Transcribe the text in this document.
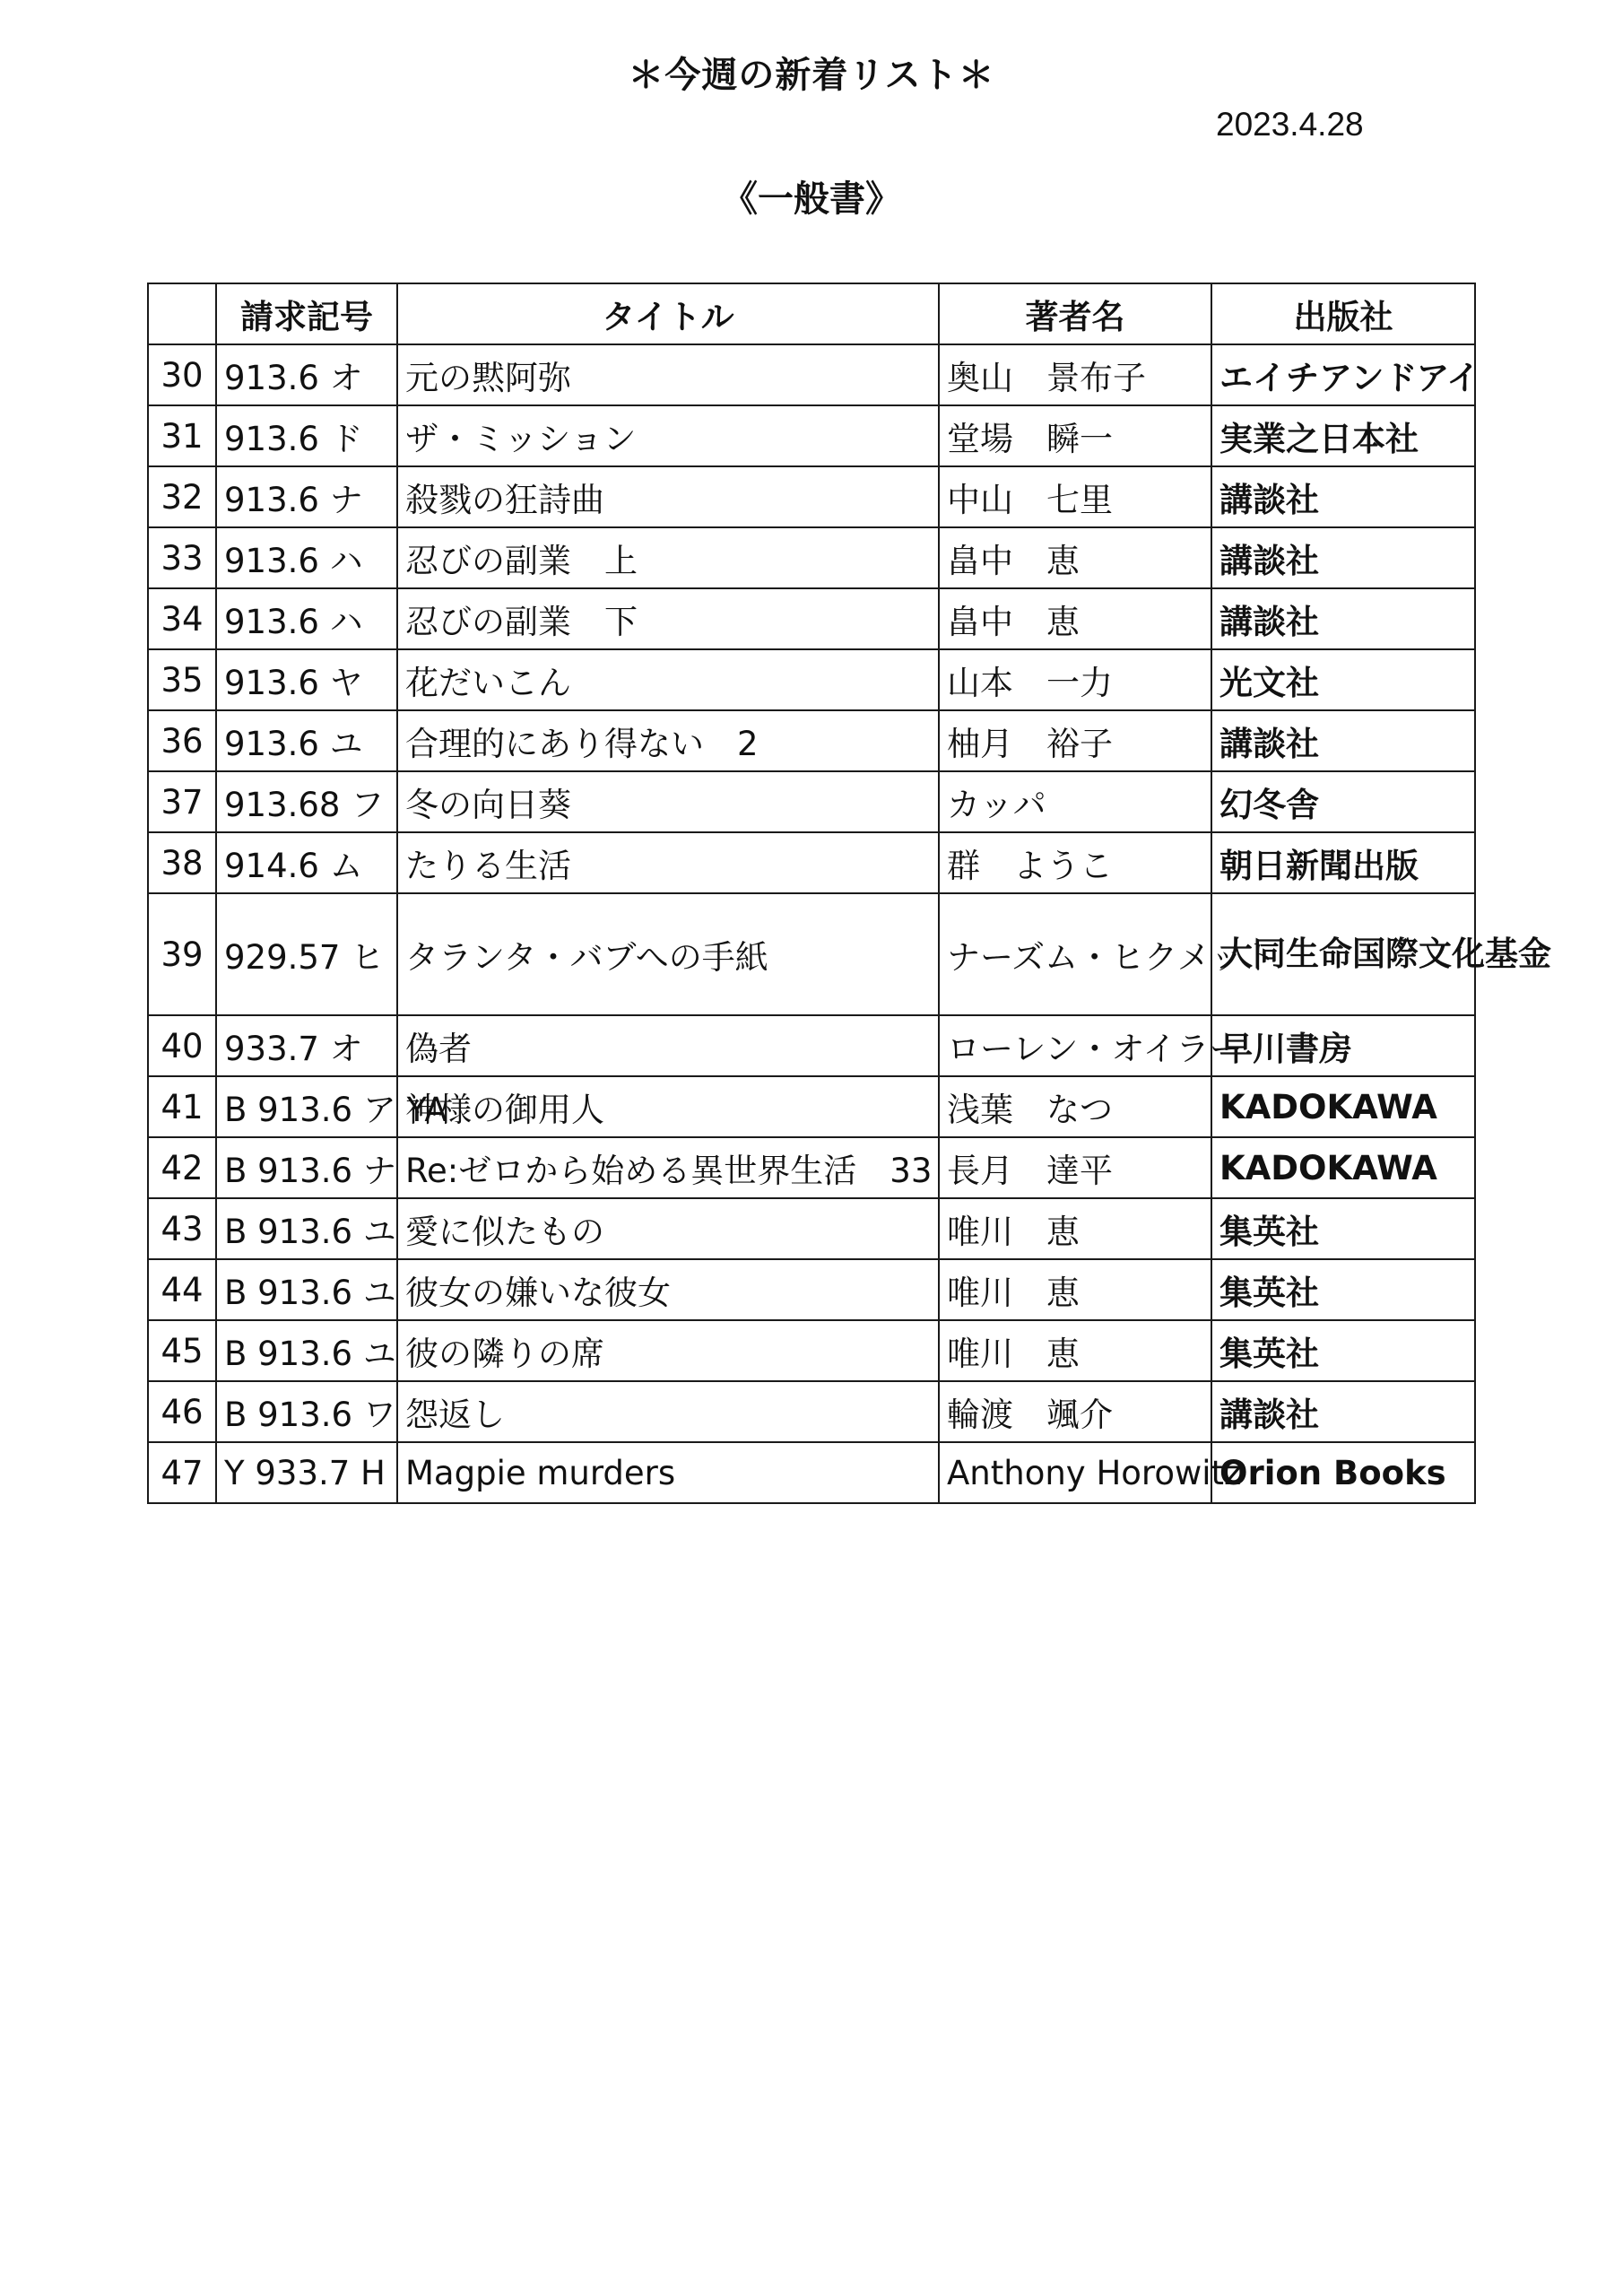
＊今週の新着リスト＊
2023.4.28
《一般書》
	請求記号	タイトル	著者名	出版社
30	913.6 オ	元の黙阿弥	奥山　景布子	エイチアンドアイ
31	913.6 ド	ザ・ミッション	堂場　瞬一	実業之日本社
32	913.6 ナ	殺戮の狂詩曲	中山　七里	講談社
33	913.6 ハ	忍びの副業　上	畠中　恵	講談社
34	913.6 ハ	忍びの副業　下	畠中　恵	講談社
35	913.6 ヤ	花だいこん	山本　一力	光文社
36	913.6 ユ	合理的にあり得ない　2	柚月　裕子	講談社
37	913.68 フ	冬の向日葵	カッパ	幻冬舎
38	914.6 ム	たりる生活	群　ようこ	朝日新聞出版
39	929.57 ヒ	タランタ・バブへの手紙	ナーズム・ヒクメット	大同生命国際文化基金
40	933.7 オ	偽者	ローレン・オイラー	早川書房
41	B 913.6 ア YA	神様の御用人	浅葉　なつ	KADOKAWA
42	B 913.6 ナ	Re:ゼロから始める異世界生活　33	長月　達平	KADOKAWA
43	B 913.6 ユ	愛に似たもの	唯川　恵	集英社
44	B 913.6 ユ	彼女の嫌いな彼女	唯川　恵	集英社
45	B 913.6 ユ	彼の隣りの席	唯川　恵	集英社
46	B 913.6 ワ	怨返し	輪渡　颯介	講談社
47	Y 933.7 H	Magpie murders	Anthony Horowitz	Orion Books
